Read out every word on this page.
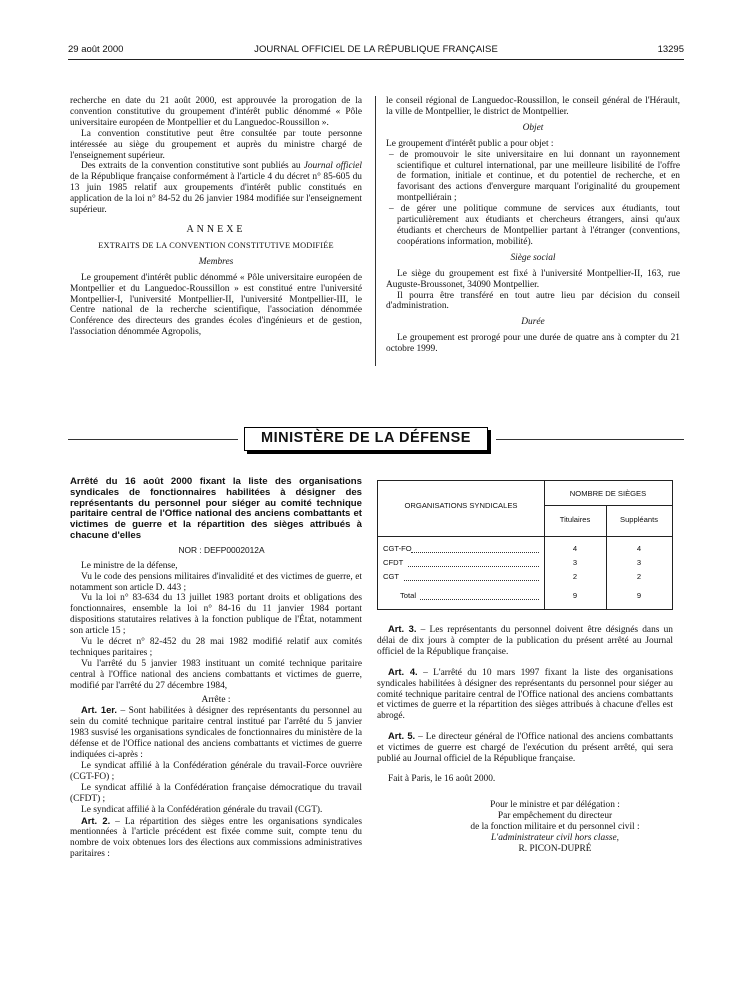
29 août 2000	JOURNAL OFFICIEL DE LA RÉPUBLIQUE FRANÇAISE	13295

recherche en date du 21 août 2000, est approuvée la prorogation de la convention constitutive du groupement d'intérêt public dénommé « Pôle universitaire européen de Montpellier et du Languedoc-Roussillon ».

La convention constitutive peut être consultée par toute personne intéressée au siège du groupement et auprès du ministre chargé de l'enseignement supérieur.

Des extraits de la convention constitutive sont publiés au Journal officiel de la République française conformément à l'article 4 du décret n° 85-605 du 13 juin 1985 relatif aux groupements d'intérêt public constitués en application de la loi n° 84-52 du 26 janvier 1984 modifiée sur l'enseignement supérieur.

ANNEXE

EXTRAITS DE LA CONVENTION CONSTITUTIVE MODIFIÉE

Membres

Le groupement d'intérêt public dénommé « Pôle universitaire européen de Montpellier et du Languedoc-Roussillon » est constitué entre l'université Montpellier-I, l'université Montpellier-II, l'université Montpellier-III, le Centre national de la recherche scientifique, l'association dénommée Conférence des directeurs des grandes écoles d'ingénieurs et de gestion, l'association dénommée Agropolis,

le conseil régional de Languedoc-Roussillon, le conseil général de l'Hérault, la ville de Montpellier, le district de Montpellier.

Objet

Le groupement d'intérêt public a pour objet :

– de promouvoir le site universitaire en lui donnant un rayonnement scientifique et culturel international, par une meilleure lisibilité de l'offre de formation, initiale et continue, et du potentiel de recherche, et en favorisant des actions d'envergure marquant l'originalité du groupement montpelliérain ;

– de gérer une politique commune de services aux étudiants, tout particulièrement aux étudiants et chercheurs étrangers, ainsi qu'aux étudiants et chercheurs de Montpellier partant à l'étranger (conventions, coopérations information, mobilité).

Siège social

Le siège du groupement est fixé à l'université Montpellier-II, 163, rue Auguste-Broussonet, 34090 Montpellier.

Il pourra être transféré en tout autre lieu par décision du conseil d'administration.

Durée

Le groupement est prorogé pour une durée de quatre ans à compter du 21 octobre 1999.

MINISTÈRE DE LA DÉFENSE

Arrêté du 16 août 2000 fixant la liste des organisations syndicales de fonctionnaires habilitées à désigner des représentants du personnel pour siéger au comité technique paritaire central de l'Office national des anciens combattants et victimes de guerre et la répartition des sièges attribués à chacune d'elles

NOR : DEFP0002012A

Le ministre de la défense,

Vu le code des pensions militaires d'invalidité et des victimes de guerre, et notamment son article D. 443 ;

Vu la loi n° 83-634 du 13 juillet 1983 portant droits et obligations des fonctionnaires, ensemble la loi n° 84-16 du 11 janvier 1984 portant dispositions statutaires relatives à la fonction publique de l'État, notamment son article 15 ;

Vu le décret n° 82-452 du 28 mai 1982 modifié relatif aux comités techniques paritaires ;

Vu l'arrêté du 5 janvier 1983 instituant un comité technique paritaire central à l'Office national des anciens combattants et victimes de guerre, modifié par l'arrêté du 27 décembre 1984,

Arrête :

Art. 1er. – Sont habilitées à désigner des représentants du personnel au sein du comité technique paritaire central institué par l'arrêté du 5 janvier 1983 susvisé les organisations syndicales de fonctionnaires du ministère de la défense et de l'Office national des anciens combattants et victimes de guerre indiquées ci-après :

Le syndicat affilié à la Confédération générale du travail-Force ouvrière (CGT-FO) ;

Le syndicat affilié à la Confédération française démocratique du travail (CFDT) ;

Le syndicat affilié à la Confédération générale du travail (CGT).

Art. 2. – La répartition des sièges entre les organisations syndicales mentionnées à l'article précédent est fixée comme suit, compte tenu du nombre de voix obtenues lors des élections aux commissions administratives paritaires :

ORGANISATIONS SYNDICALES
NOMBRE DE SIÈGES
Titulaires	Suppléants
CGT-FO	4	4
CFDT	3	3
CGT	2	2
Total	9	9

Art. 3. – Les représentants du personnel doivent être désignés dans un délai de dix jours à compter de la publication du présent arrêté au Journal officiel de la République française.

Art. 4. – L'arrêté du 10 mars 1997 fixant la liste des organisations syndicales habilitées à désigner des représentants du personnel pour siéger au comité technique paritaire central de l'Office national des anciens combattants et victimes de guerre et la répartition des sièges attribués à chacune d'elles est abrogé.

Art. 5. – Le directeur général de l'Office national des anciens combattants et victimes de guerre est chargé de l'exécution du présent arrêté, qui sera publié au Journal officiel de la République française.

Fait à Paris, le 16 août 2000.

Pour le ministre et par délégation :
Par empêchement du directeur
de la fonction militaire et du personnel civil :
L'administrateur civil hors classe,
R. PICON-DUPRÉ
